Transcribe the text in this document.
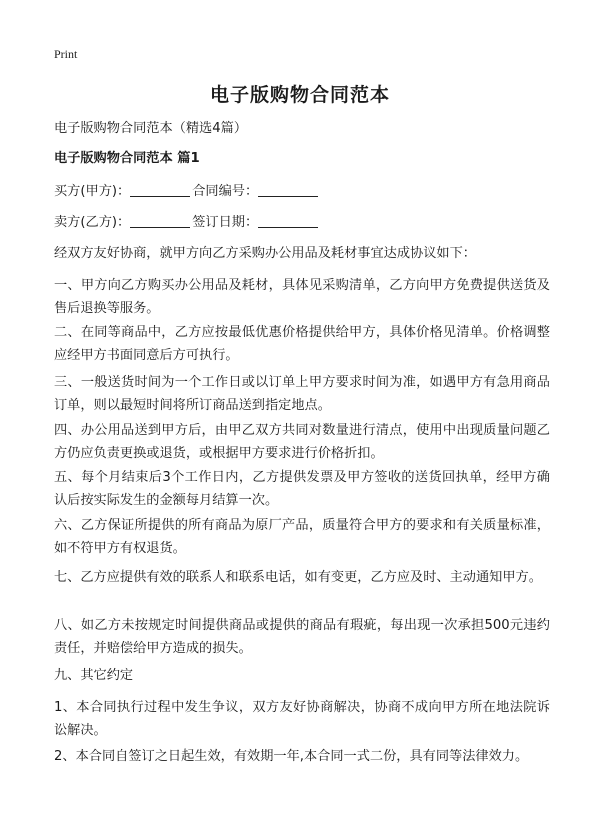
Print
电子版购物合同范本
电子版购物合同范本（精选4篇）
电子版购物合同范本 篇1
买方(甲方)：	合同编号：
卖方(乙方)：	签订日期：
经双方友好协商，就甲方向乙方采购办公用品及耗材事宜达成协议如下：
一、甲方向乙方购买办公用品及耗材，具体见采购清单，乙方向甲方免费提供送货及售后退换等服务。
二、在同等商品中，乙方应按最低优惠价格提供给甲方，具体价格见清单。价格调整应经甲方书面同意后方可执行。
三、一般送货时间为一个工作日或以订单上甲方要求时间为准，如遇甲方有急用商品订单，则以最短时间将所订商品送到指定地点。
四、办公用品送到甲方后，由甲乙双方共同对数量进行清点，使用中出现质量问题乙方仍应负责更换或退货，或根据甲方要求进行价格折扣。
五、每个月结束后3个工作日内，乙方提供发票及甲方签收的送货回执单，经甲方确认后按实际发生的金额每月结算一次。
六、乙方保证所提供的所有商品为原厂产品，质量符合甲方的要求和有关质量标准，如不符甲方有权退货。
七、乙方应提供有效的联系人和联系电话，如有变更，乙方应及时、主动通知甲方。
八、如乙方未按规定时间提供商品或提供的商品有瑕疵，每出现一次承担500元违约责任，并赔偿给甲方造成的损失。
九、其它约定
1、本合同执行过程中发生争议，双方友好协商解决，协商不成向甲方所在地法院诉讼解决。
2、本合同自签订之日起生效，有效期一年,本合同一式二份，具有同等法律效力。
